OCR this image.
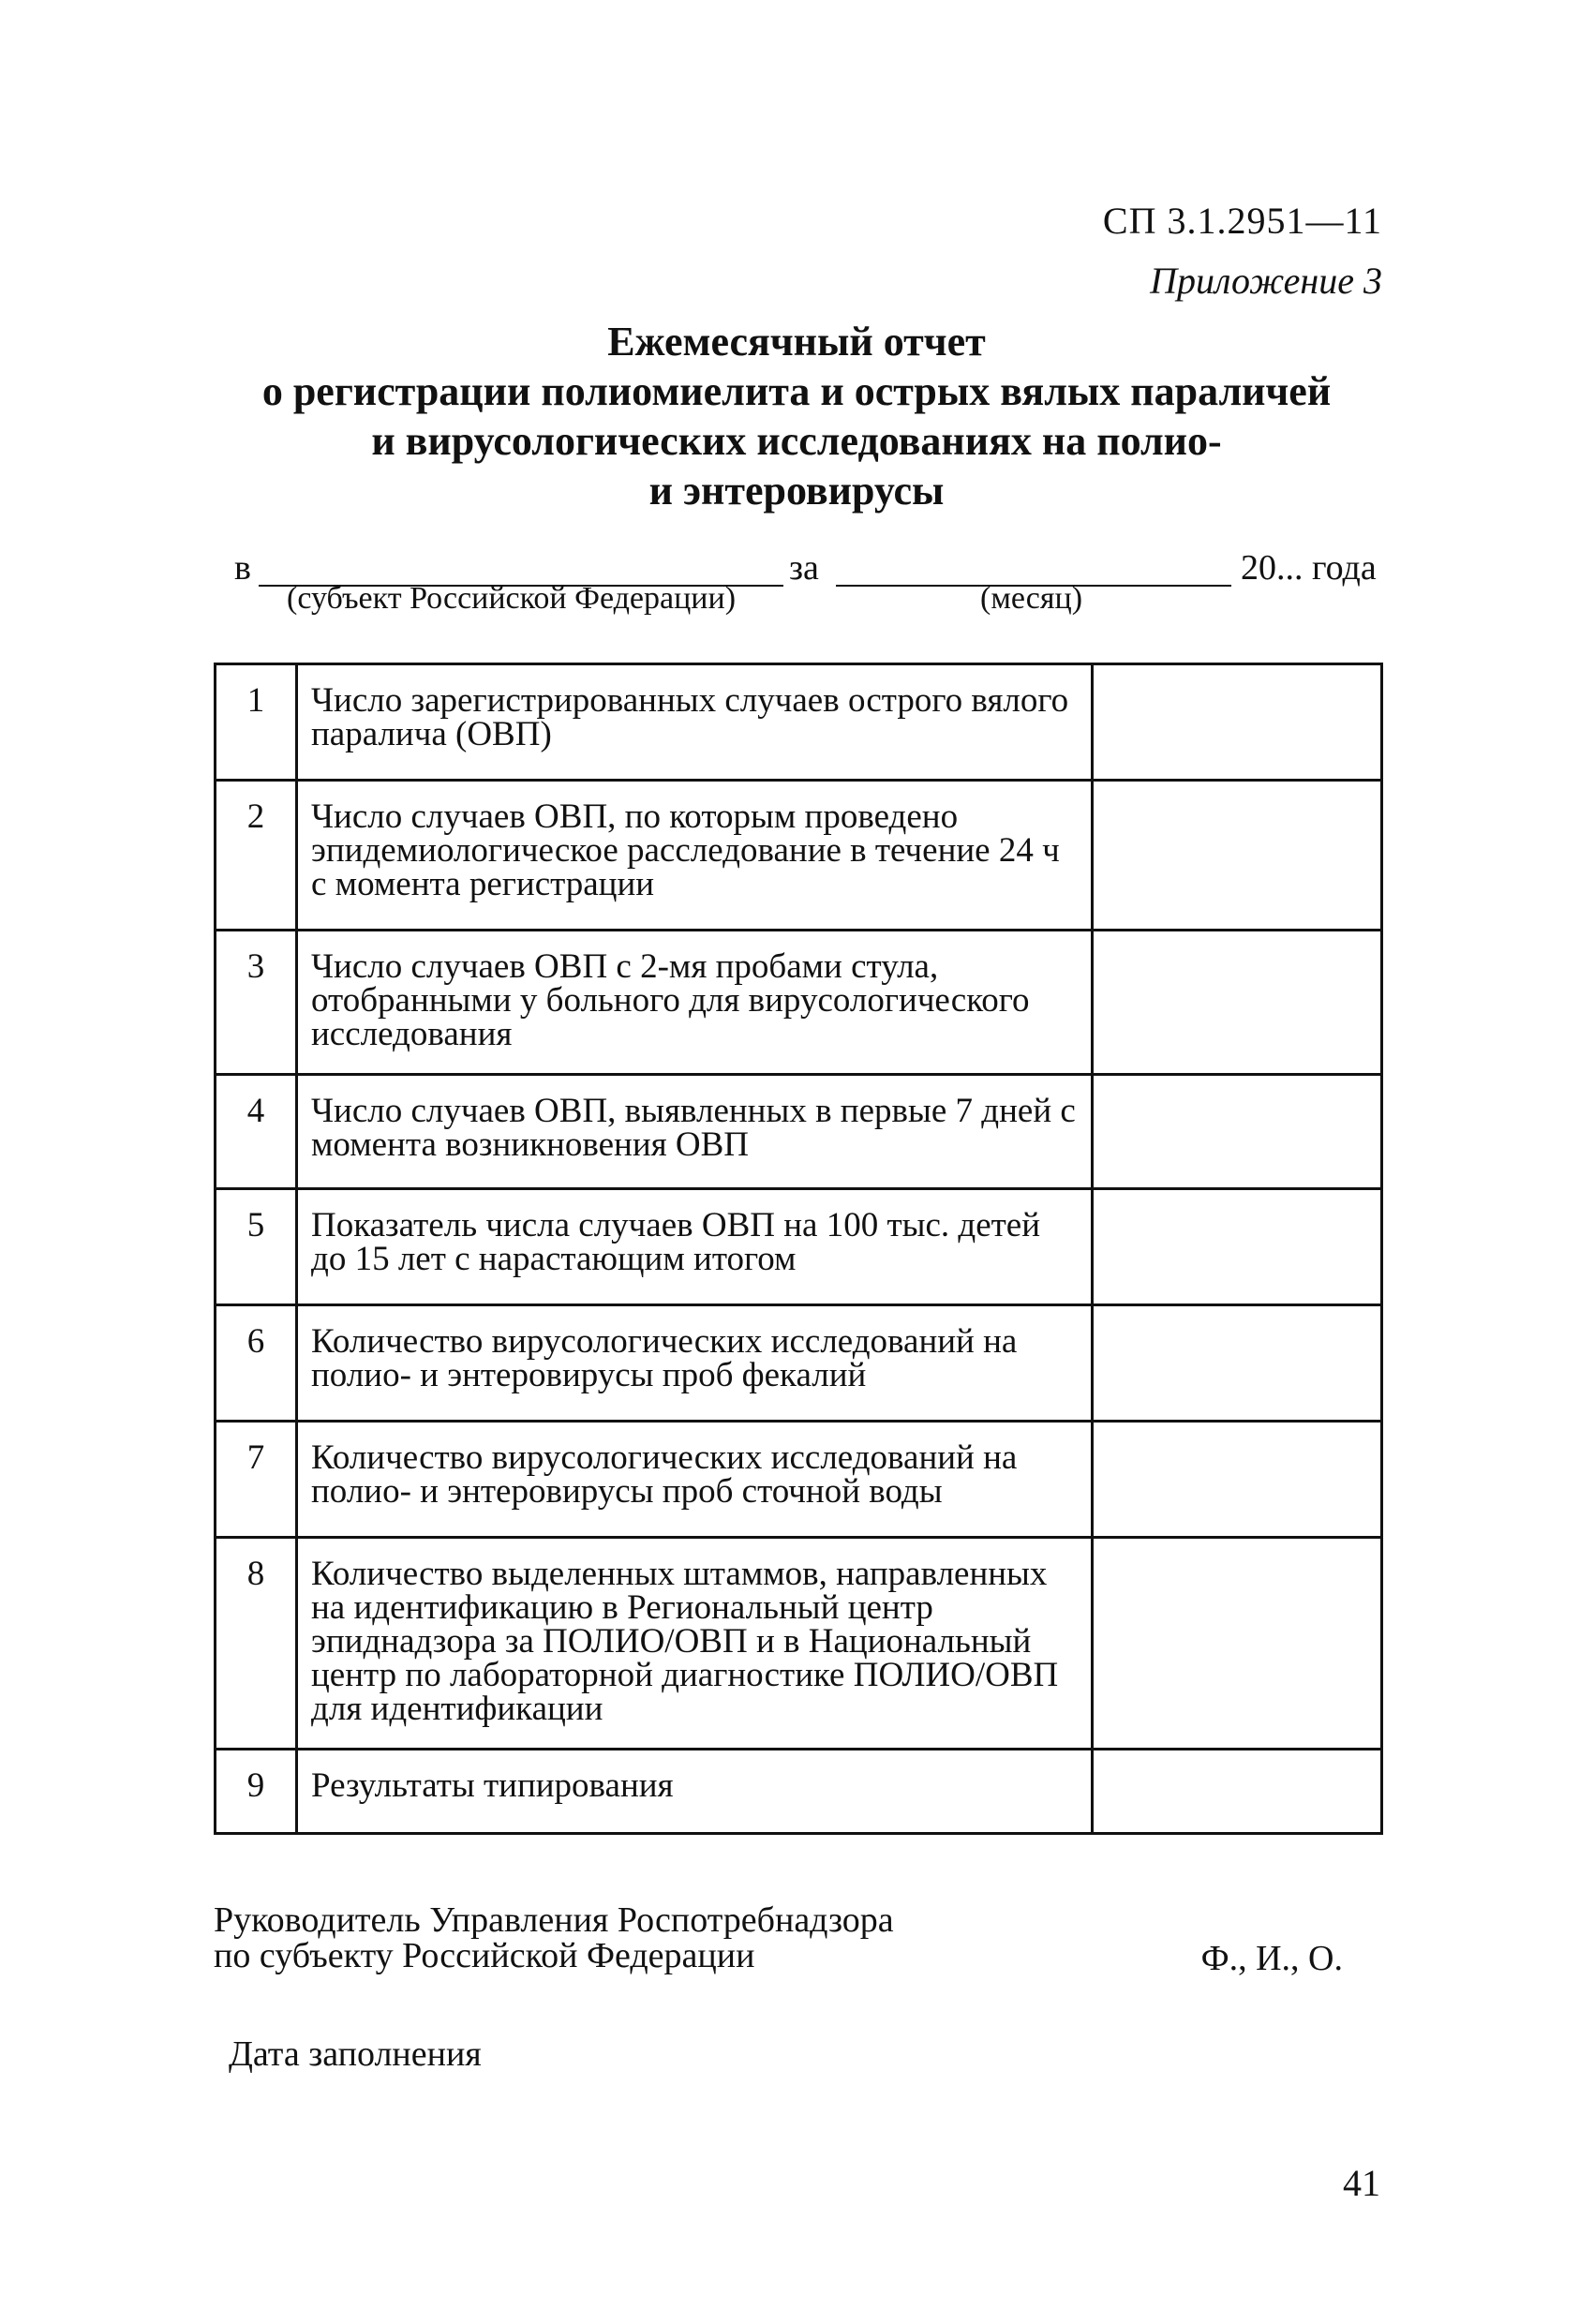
СП 3.1.2951—11
Приложение 3
Ежемесячный отчет
о регистрации полиомиелита и острых вялых параличей
и вирусологических исследованиях на полио-
и энтеровирусы
в	за	20... года
(субъект Российской Федерации)	(месяц)
1	Число зарегистрированных случаев острого вялого паралича (ОВП)	
2	Число случаев ОВП, по которым проведено эпидемиологическое расследование в течение 24 ч с момента регистрации	
3	Число случаев ОВП с 2-мя пробами стула, отобранными у больного для вирусологического исследования	
4	Число случаев ОВП, выявленных в первые 7 дней с момента возникновения ОВП	
5	Показатель числа случаев ОВП на 100 тыс. детей до 15 лет с нарастающим итогом	
6	Количество вирусологических исследований на полио- и энтеровирусы проб фекалий	
7	Количество вирусологических исследований на полио- и энтеровирусы проб сточной воды	
8	Количество выделенных штаммов, направленных на идентификацию в Региональный центр эпиднадзора за ПОЛИО/ОВП и в Национальный центр по лабораторной диагностике ПОЛИО/ОВП для идентификации	
9	Результаты типирования	
Руководитель Управления Роспотребнадзора
по субъекту Российской Федерации	Ф., И., О.
Дата заполнения
41
